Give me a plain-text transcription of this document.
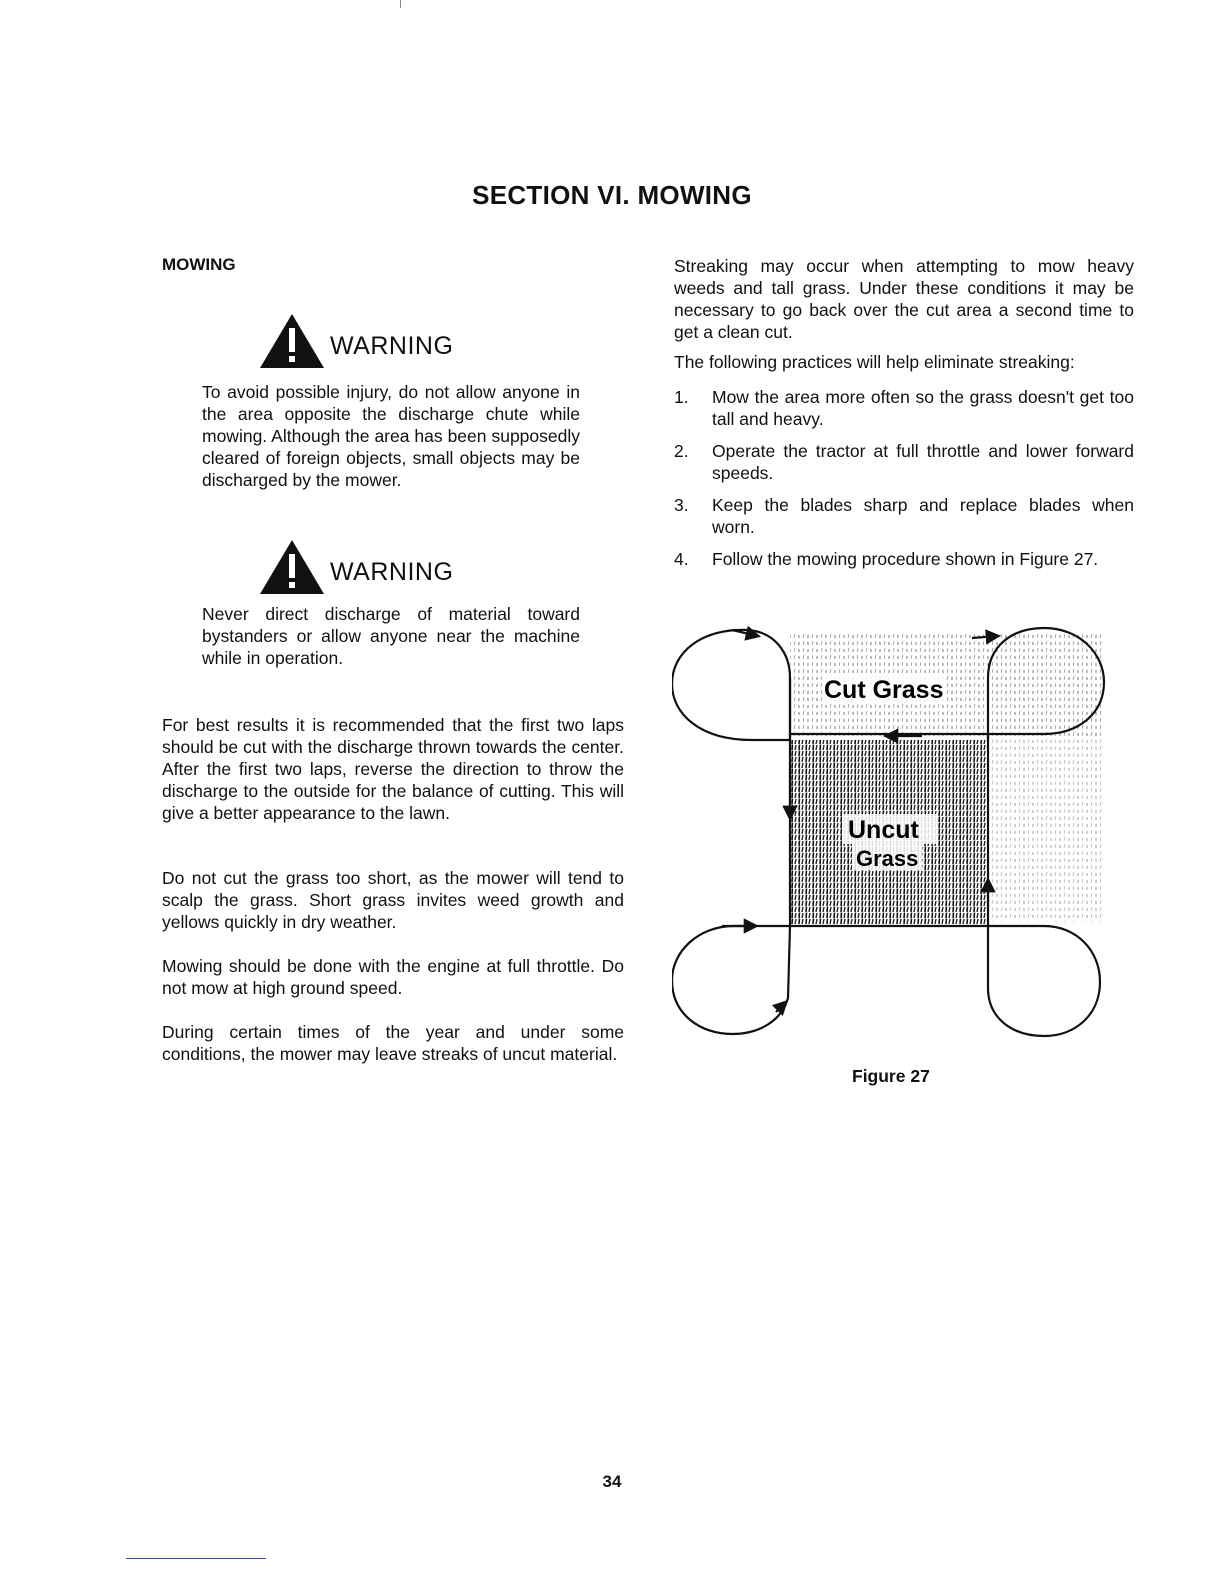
SECTION VI. MOWING
MOWING
WARNING
To avoid possible injury, do not allow anyone in the area opposite the discharge chute while mowing. Although the area has been supposedly cleared of foreign objects, small objects may be discharged by the mower.
WARNING
Never direct discharge of material toward bystanders or allow anyone near the machine while in operation.
For best results it is recommended that the first two laps should be cut with the discharge thrown towards the center. After the first two laps, reverse the direction to throw the discharge to the outside for the balance of cutting. This will give a better appearance to the lawn.
Do not cut the grass too short, as the mower will tend to scalp the grass. Short grass invites weed growth and yellows quickly in dry weather.
Mowing should be done with the engine at full throttle. Do not mow at high ground speed.
During certain times of the year and under some conditions, the mower may leave streaks of uncut material.
Streaking may occur when attempting to mow heavy weeds and tall grass. Under these conditions it may be necessary to go back over the cut area a second time to get a clean cut.
The following practices will help eliminate streaking:
1.	Mow the area more often so the grass doesn't get too tall and heavy.
2.	Operate the tractor at full throttle and lower forward speeds.
3.	Keep the blades sharp and replace blades when worn.
4.	Follow the mowing procedure shown in Figure 27.
Cut Grass
Uncut
Grass
Figure 27
34
